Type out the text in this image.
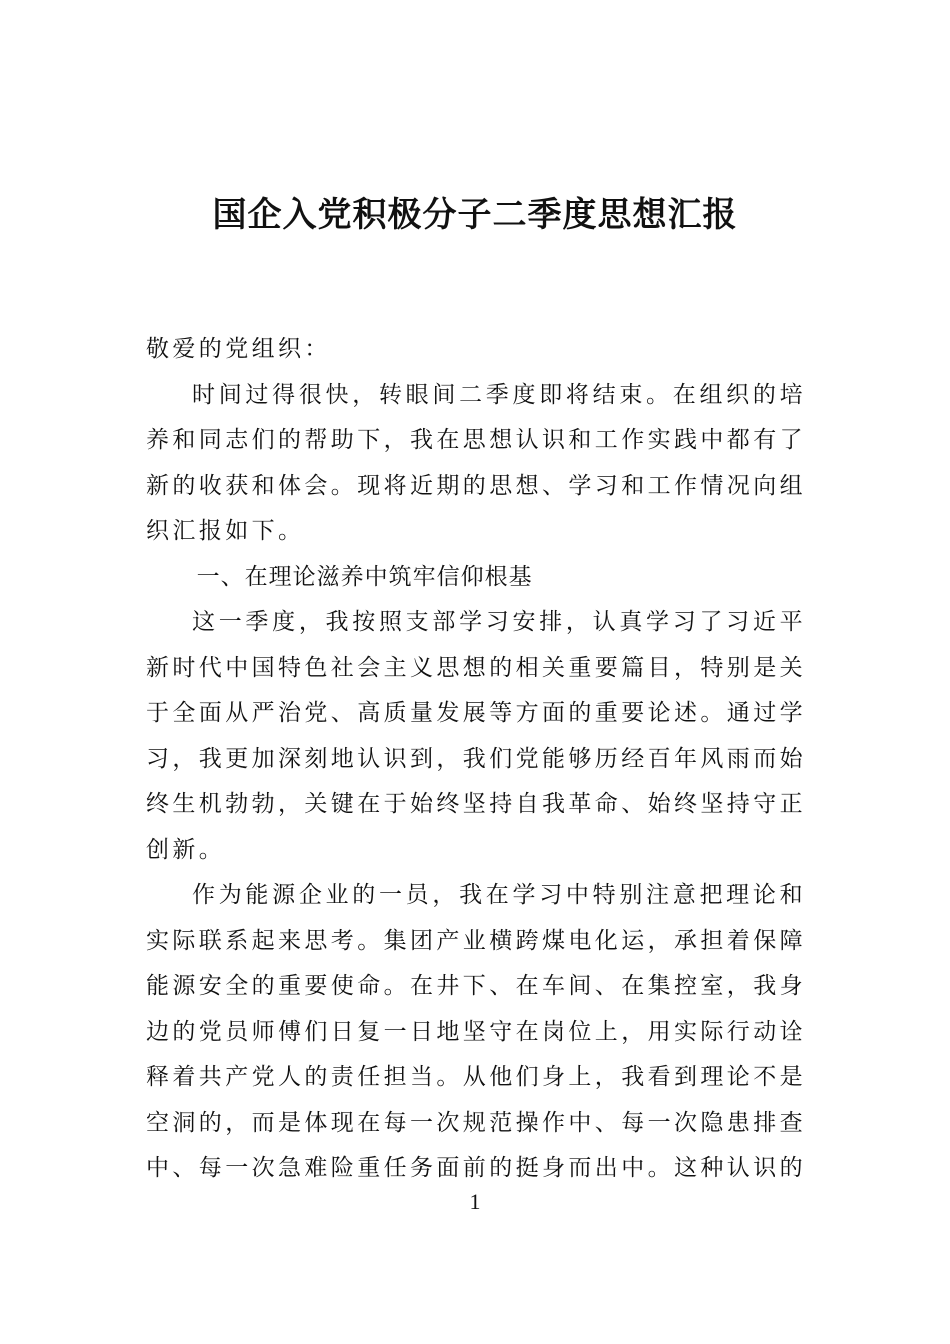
国企入党积极分子二季度思想汇报

敬爱的党组织：

时间过得很快，转眼间二季度即将结束。在组织的培养和同志们的帮助下，我在思想认识和工作实践中都有了新的收获和体会。现将近期的思想、学习和工作情况向组织汇报如下。

一、在理论滋养中筑牢信仰根基

这一季度，我按照支部学习安排，认真学习了习近平新时代中国特色社会主义思想的相关重要篇目，特别是关于全面从严治党、高质量发展等方面的重要论述。通过学习，我更加深刻地认识到，我们党能够历经百年风雨而始终生机勃勃，关键在于始终坚持自我革命、始终坚持守正创新。

作为能源企业的一员，我在学习中特别注意把理论和实际联系起来思考。集团产业横跨煤电化运，承担着保障能源安全的重要使命。在井下、在车间、在集控室，我身边的党员师傅们日复一日地坚守在岗位上，用实际行动诠释着共产党人的责任担当。从他们身上，我看到理论不是空洞的，而是体现在每一次规范操作中、每一次隐患排查中、每一次急难险重任务面前的挺身而出中。这种认识的

1
